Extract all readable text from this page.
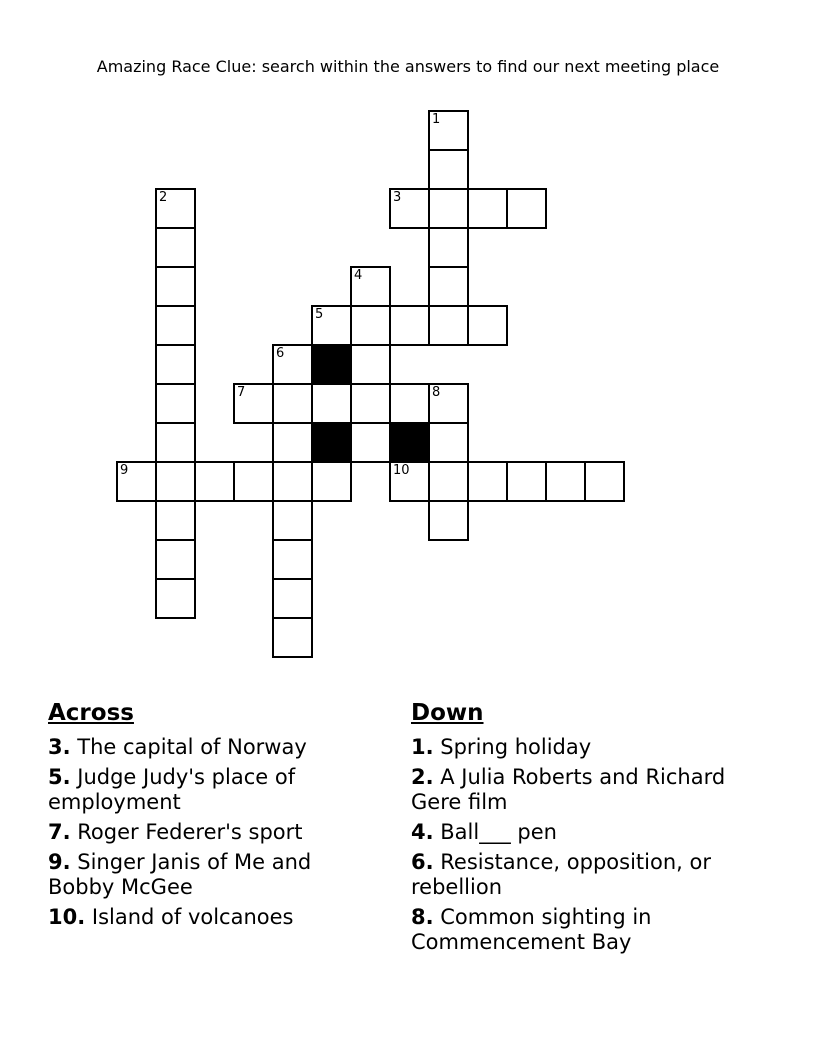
Amazing Race Clue: search within the answers to find our next meeting place
1
2	3
4
5
6
7	8
9	10
Across

3. The capital of Norway

5. Judge Judy's place of employment

7. Roger Federer's sport

9. Singer Janis of Me and Bobby McGee

10. Island of volcanoes

Down

1. Spring holiday

2. A Julia Roberts and Richard Gere film

4. Ball___ pen

6. Resistance, opposition, or rebellion

8. Common sighting in Commencement Bay
